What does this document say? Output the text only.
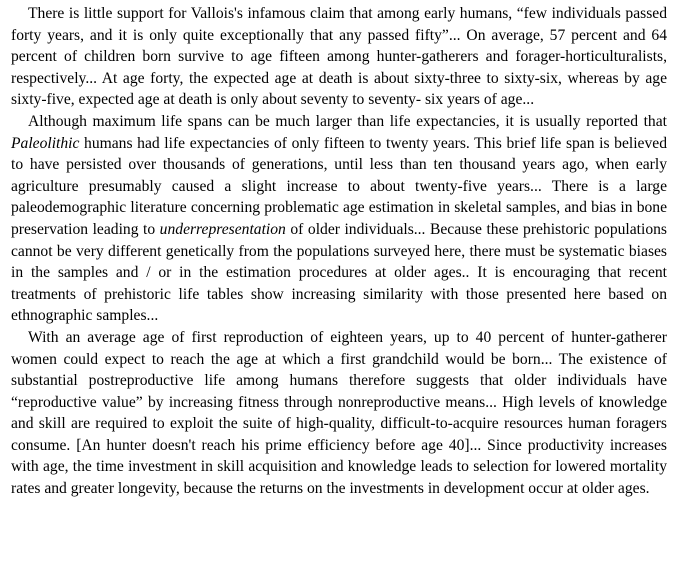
There is little support for Vallois's infamous claim that among early humans, “few individuals passed forty years, and it is only quite exceptionally that any passed fifty”... On average, 57 percent and 64 percent of children born survive to age fifteen among hunter-gatherers and forager-horticulturalists, respectively... At age forty, the expected age at death is about sixty-three to sixty-six, whereas by age sixty-five, expected age at death is only about seventy to seventy- six years of age...

Although maximum life spans can be much larger than life expectancies, it is usually reported that Paleolithic humans had life expectancies of only fifteen to twenty years. This brief life span is believed to have persisted over thousands of generations, until less than ten thousand years ago, when early agriculture presumably caused a slight increase to about twenty-five years... There is a large paleodemographic literature concerning problematic age estimation in skeletal samples, and bias in bone preservation leading to underrepresentation of older individuals... Because these prehistoric populations cannot be very different genetically from the populations surveyed here, there must be systematic biases in the samples and / or in the estimation procedures at older ages.. It is encouraging that recent treatments of prehistoric life tables show increasing similarity with those presented here based on ethnographic samples...

With an average age of first reproduction of eighteen years, up to 40 percent of hunter-gatherer women could expect to reach the age at which a first grandchild would be born... The existence of substantial postreproductive life among humans therefore suggests that older individuals have “reproductive value” by increasing fitness through nonreproductive means... High levels of knowledge and skill are required to exploit the suite of high-quality, difficult-to-acquire resources human foragers consume. [An hunter doesn't reach his prime efficiency before age 40]... Since productivity increases with age, the time investment in skill acquisition and knowledge leads to selection for lowered mortality rates and greater longevity, because the returns on the investments in development occur at older ages.
